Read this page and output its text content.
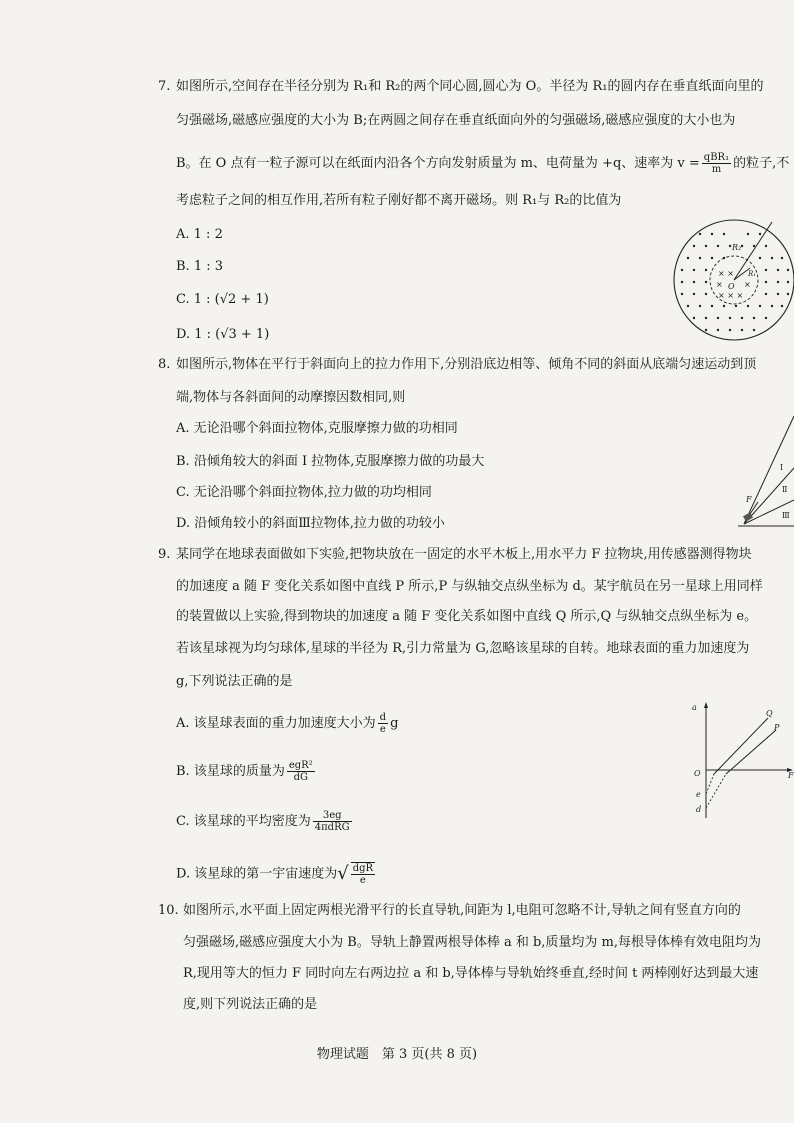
7. 如图所示,空间存在半径分别为 R₁和 R₂的两个同心圆,圆心为 O。半径为 R₁的圆内存在垂直纸面向里的
匀强磁场,磁感应强度的大小为 B;在两圆之间存在垂直纸面向外的匀强磁场,磁感应强度的大小也为
B。在 O 点有一粒子源可以在纸面内沿各个方向发射质量为 m、电荷量为 +q、速率为 $v = \frac{\text{qBR₁}}{m}$ 的粒子,不
考虑粒子之间的相互作用,若所有粒子刚好都不离开磁场。则 R₁与 R₂的比值为
A. 1 : 2
B. 1 : 3
C. 1 : (√2 + 1)
D. 1 : (√3 + 1)
× ×
×	×
× × ×
R₂
R₁
O
8. 如图所示,物体在平行于斜面向上的拉力作用下,分别沿底边相等、倾角不同的斜面从底端匀速运动到顶
端,物体与各斜面间的动摩擦因数相同,则
A. 无论沿哪个斜面拉物体,克服摩擦力做的功相同
B. 沿倾角较大的斜面 Ⅰ 拉物体,克服摩擦力做的功最大
C. 无论沿哪个斜面拉物体,拉力做的功均相同
D. 沿倾角较小的斜面Ⅲ拉物体,拉力做的功较小
F
Ⅰ
Ⅱ
Ⅲ
9. 某同学在地球表面做如下实验,把物块放在一固定的水平木板上,用水平力 F 拉物块,用传感器测得物块
的加速度 a 随 F 变化关系如图中直线 P 所示,P 与纵轴交点纵坐标为 d。某宇航员在另一星球上用同样
的装置做以上实验,得到物块的加速度 a 随 F 变化关系如图中直线 Q 所示,Q 与纵轴交点纵坐标为 e。
若该星球视为均匀球体,星球的半径为 R,引力常量为 G,忽略该星球的自转。地球表面的重力加速度为
g,下列说法正确的是
A. 该星球表面的重力加速度大小为 $\frac{d}{e}$ g
B. 该星球的质量为 $\frac{\text{egR²}}{dG}$
C. 该星球的平均密度为 $\frac{3eg}{\text{4πdRG}}$
D. 该星球的第一宇宙速度为√ $\frac{\text{dgR}}{e}$
a
Q
P
O	F
e
d
10. 如图所示,水平面上固定两根光滑平行的长直导轨,间距为 l,电阻可忽略不计,导轨之间有竖直方向的
匀强磁场,磁感应强度大小为 B。导轨上静置两根导体棒 a 和 b,质量均为 m,每根导体棒有效电阻均为
R,现用等大的恒力 F 同时向左右两边拉 a 和 b,导体棒与导轨始终垂直,经时间 t 两棒刚好达到最大速
度,则下列说法正确的是
物理试题　第 3 页(共 8 页)
